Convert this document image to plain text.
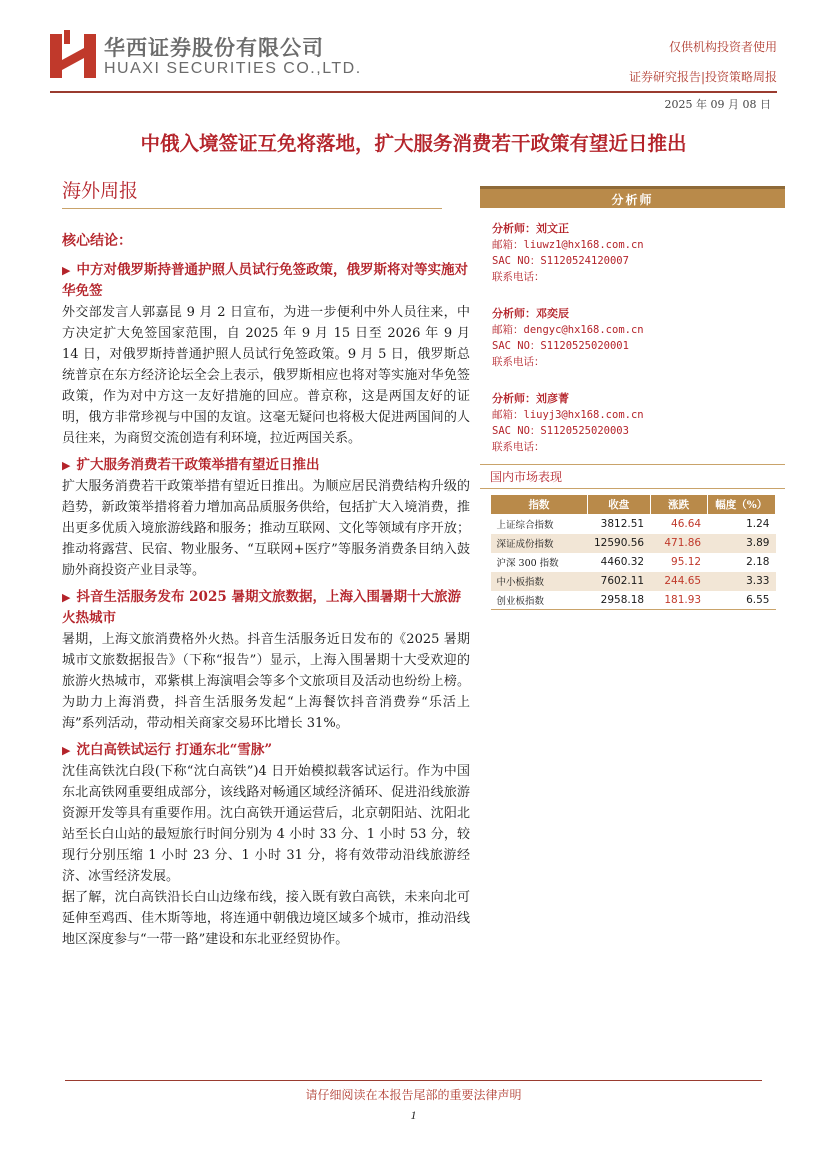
华西证券股份有限公司
HUAXI SECURITIES CO.,LTD.
仅供机构投资者使用
证券研究报告|投资策略周报
2025 年 09 月 08 日
中俄入境签证互免将落地，扩大服务消费若干政策有望近日推出
海外周报
核心结论：
▶ 中方对俄罗斯持普通护照人员试行免签政策，俄罗斯将对等实施对华免签
外交部发言人郭嘉昆 9 月 2 日宣布，为进一步便利中外人员往来，中方决定扩大免签国家范围，自 2025 年 9 月 15 日至 2026 年 9 月 14 日，对俄罗斯持普通护照人员试行免签政策。9 月 5 日，俄罗斯总统普京在东方经济论坛全会上表示，俄罗斯相应也将对等实施对华免签政策，作为对中方这一友好措施的回应。普京称，这是两国友好的证明，俄方非常珍视与中国的友谊。这毫无疑问也将极大促进两国间的人员往来，为商贸交流创造有利环境，拉近两国关系。
▶ 扩大服务消费若干政策举措有望近日推出
扩大服务消费若干政策举措有望近日推出。为顺应居民消费结构升级的趋势，新政策举措将着力增加高品质服务供给，包括扩大入境消费，推出更多优质入境旅游线路和服务；推动互联网、文化等领域有序开放；推动将露营、民宿、物业服务、“互联网+医疗”等服务消费条目纳入鼓励外商投资产业目录等。
▶ 抖音生活服务发布 2025 暑期文旅数据，上海入围暑期十大旅游火热城市
暑期，上海文旅消费格外火热。抖音生活服务近日发布的《2025 暑期城市文旅数据报告》（下称“报告”）显示，上海入围暑期十大受欢迎的旅游火热城市，邓紫棋上海演唱会等多个文旅项目及活动也纷纷上榜。为助力上海消费，抖音生活服务发起“上海餐饮抖音消费券“乐活上海”系列活动，带动相关商家交易环比增长 31%。
▶ 沈白高铁试运行 打通东北“雪脉”
沈佳高铁沈白段(下称“沈白高铁”)4 日开始模拟载客试运行。作为中国东北高铁网重要组成部分，该线路对畅通区域经济循环、促进沿线旅游资源开发等具有重要作用。沈白高铁开通运营后，北京朝阳站、沈阳北站至长白山站的最短旅行时间分别为 4 小时 33 分、1 小时 53 分，较现行分别压缩 1 小时 23 分、1 小时 31 分，将有效带动沿线旅游经济、冰雪经济发展。
据了解，沈白高铁沿长白山边缘布线，接入既有敦白高铁，未来向北可延伸至鸡西、佳木斯等地，将连通中朝俄边境区域多个城市，推动沿线地区深度参与“一带一路”建设和东北亚经贸协作。
分析师
分析师：刘文正
邮箱：liuwz1@hx168.com.cn
SAC NO：S1120524120007
联系电话：
分析师：邓奕辰
邮箱：dengyc@hx168.com.cn
SAC NO：S1120525020001
联系电话：
分析师：刘彦菁
邮箱：liuyj3@hx168.com.cn
SAC NO：S1120525020003
联系电话：
国内市场表现
指数	收盘	涨跌	幅度（%）
上证综合指数	3812.51	46.64	1.24
深证成份指数	12590.56	471.86	3.89
沪深 300 指数	4460.32	95.12	2.18
中小板指数	7602.11	244.65	3.33
创业板指数	2958.18	181.93	6.55
请仔细阅读在本报告尾部的重要法律声明
1
